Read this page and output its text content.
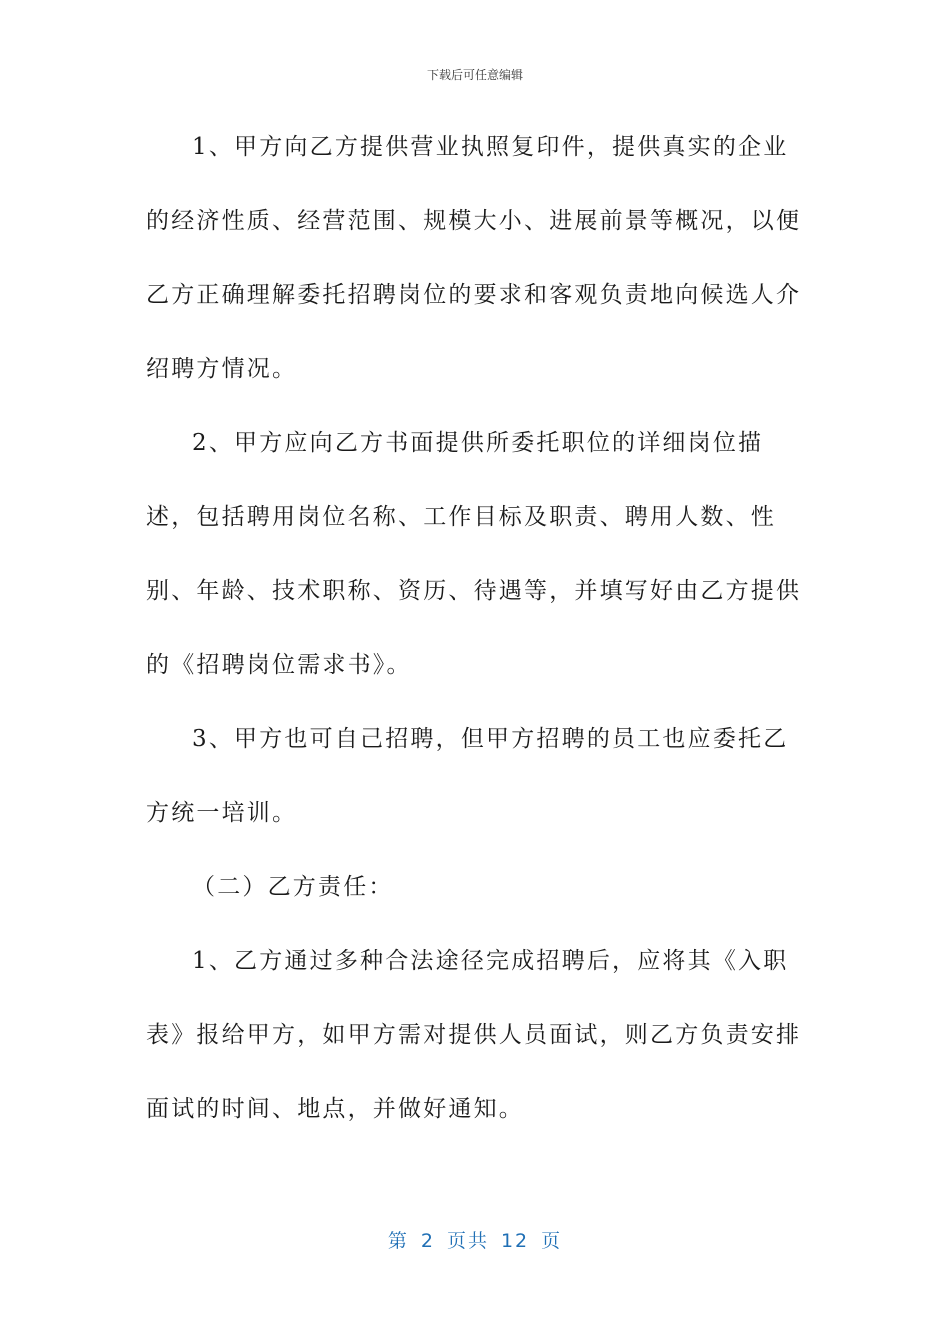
下载后可任意编辑

1、甲方向乙方提供营业执照复印件，提供真实的企业的经济性质、经营范围、规模大小、进展前景等概况，以便乙方正确理解委托招聘岗位的要求和客观负责地向候选人介绍聘方情况。

2、甲方应向乙方书面提供所委托职位的详细岗位描述，包括聘用岗位名称、工作目标及职责、聘用人数、性别、年龄、技术职称、资历、待遇等，并填写好由乙方提供的《招聘岗位需求书》。

3、甲方也可自己招聘，但甲方招聘的员工也应委托乙方统一培训。

（二）乙方责任：

1、乙方通过多种合法途径完成招聘后，应将其《入职表》报给甲方，如甲方需对提供人员面试，则乙方负责安排面试的时间、地点，并做好通知。

第 2 页共 12 页
